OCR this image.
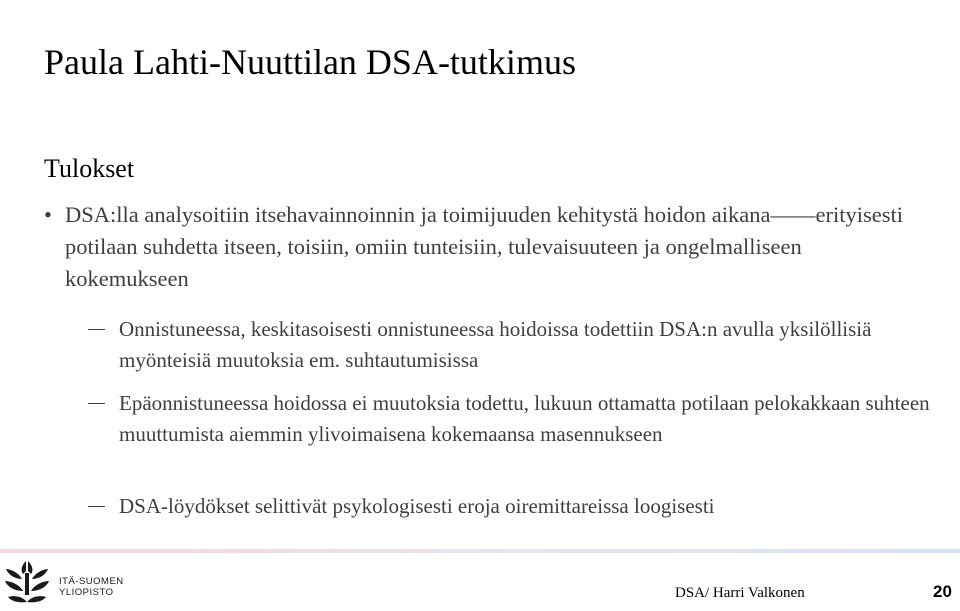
Paula Lahti-Nuuttilan DSA-tutkimus
Tulokset
• DSA:lla analysoitiin itsehavainnoinnin ja toimijuuden kehitystä hoidon aikana——erityisesti potilaan suhdetta itseen, toisiin, omiin tunteisiin, tulevaisuuteen ja ongelmalliseen kokemukseen
Onnistuneessa, keskitasoisesti onnistuneessa hoidoissa todettiin DSA:n avulla yksilöllisiä myönteisiä muutoksia em. suhtautumisissa
Epäonnistuneessa hoidossa ei muutoksia todettu, lukuun ottamatta potilaan pelokakkaan suhteen muuttumista aiemmin ylivoimaisena kokemaansa masennukseen
DSA-löydökset selittivät psykologisesti eroja oiremittareissa loogisesti
ITÄ-SUOMEN
YLIOPISTO	DSA/ Harri Valkonen	20
